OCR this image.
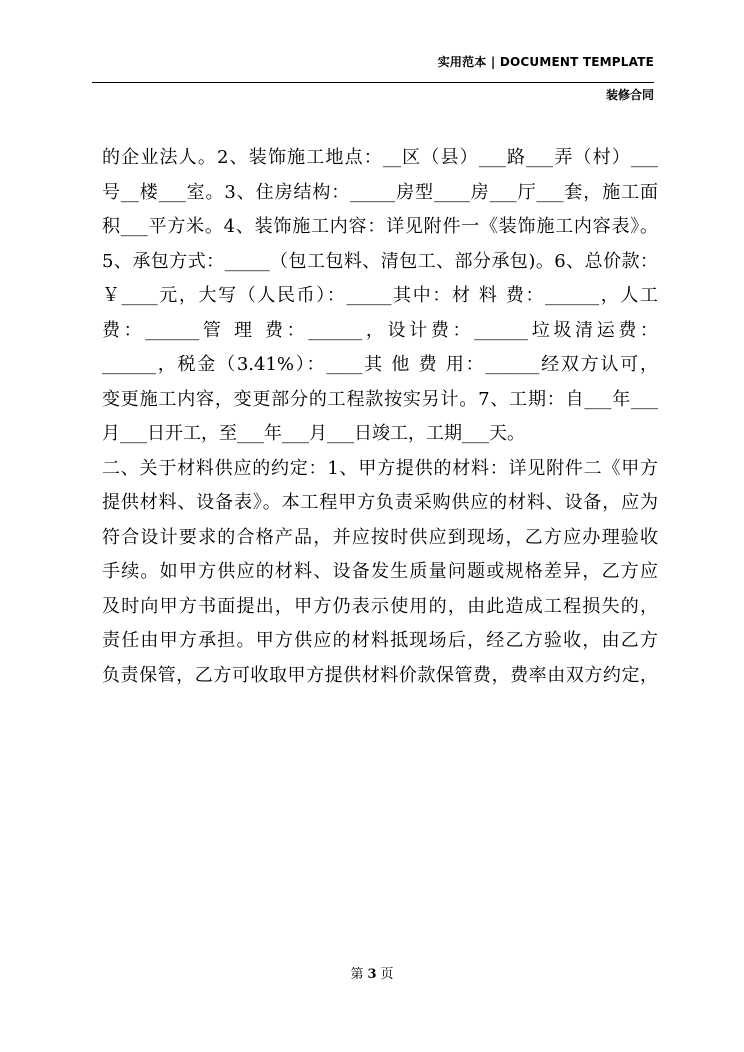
实用范本 | DOCUMENT TEMPLATE
装修合同
的企业法人。2、装饰施工地点：__区（县）___路___弄（村）___
号__楼___室。3、住房结构：_____房型____房___厅___套，施工面
积___平方米。4、装饰施工内容：详见附件一《装饰施工内容表》。
5、承包方式：_____（包工包料、清包工、部分承包)。6、总价款：
￥____元，大写（人民币）：_____其中：材 料 费：______，人工
费：______管 理 费：______，设计费：______垃圾清运费：
______，税金（3.41%）：____其 他 费 用：______经双方认可，
变更施工内容，变更部分的工程款按实另计。7、工期：自___年___
月___日开工，至___年___月___日竣工，工期___天。
二、关于材料供应的约定：1、甲方提供的材料：详见附件二《甲方
提供材料、设备表》。本工程甲方负责采购供应的材料、设备，应为
符合设计要求的合格产品，并应按时供应到现场，乙方应办理验收
手续。如甲方供应的材料、设备发生质量问题或规格差异，乙方应
及时向甲方书面提出，甲方仍表示使用的，由此造成工程损失的，
责任由甲方承担。甲方供应的材料抵现场后，经乙方验收，由乙方
负责保管，乙方可收取甲方提供材料价款保管费，费率由双方约定，
第 3 页
